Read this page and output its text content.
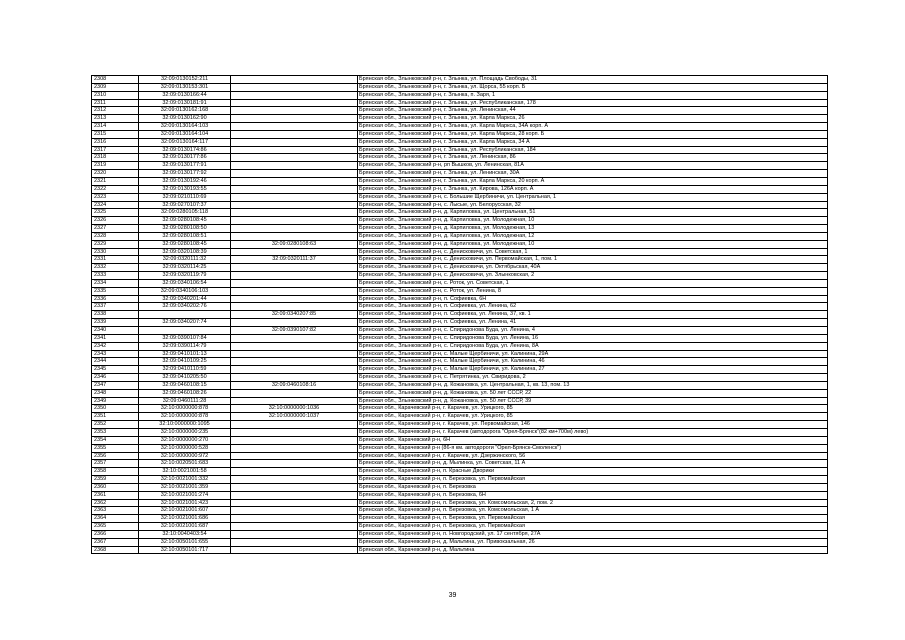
2308	32:09:0130152:211		Брянская обл., Злынковский р-н, г. Злынка, ул. Площадь Свободы, 31
2309	32:09:0130153:301		Брянская обл., Злынковский р-н, г. Злынка, ул. Щорса, 55 корп. Б
2310	32:09:0130166:44		Брянская обл., Злынковский р-н, г. Злынка, п. Заря, 1
2311	32:09:0130181:91		Брянская обл., Злынковский р-н, г. Злынка, ул. Республиканская, 178
2312	32:09:0130162:168		Брянская обл., Злынковский р-н, г. Злынка, ул. Ленинская, 44
2313	32:09:0130162:90		Брянская обл., Злынковский р-н, г. Злынка, ул. Карла Маркса, 26
2314	32:09:0130164:103		Брянская обл., Злынковский р-н, г. Злынка, ул. Карла Маркса, 34А корп. А
2315	32:09:0130164:104		Брянская обл., Злынковский р-н, г. Злынка, ул. Карла Маркса, 28 корп. Б
2316	32:09:0130164:117		Брянская обл., Злынковский р-н, г. Злынка, ул. Карла Маркса, 34 А
2317	32:09:0130174:86		Брянская обл., Злынковский р-н, г. Злынка, ул. Республиканская, 184
2318	32:09:0130177:86		Брянская обл., Злынковский р-н, г. Злынка, ул. Ленинская, 86
2319	32:09:0130177:91		Брянская обл., Злынковский р-н, рп Вышков, ул. Ленинская, 81А
2320	32:09:0130177:92		Брянская обл., Злынковский р-н, г. Злынка, ул. Ленинская, 30А
2321	32:09:0130192:46		Брянская обл., Злынковский р-н, г. Злынка, ул. Карла Маркса, 20 корп. А
2322	32:09:0130193:55		Брянская обл., Злынковский р-н, г. Злынка, ул. Кирова, 126А корп. А
2323	32:09:0210110:69		Брянская обл., Злынковский р-н, с. Большие Щербиничи, ул. Центральная, 1
2324	32:09:0270107:37		Брянская обл., Злынковский р-н, с. Лысые, ул. Белорусская, 32
2325	32:09:0280105:118		Брянская обл., Злынковский р-н, д. Карпиловка, ул. Центральная, 51
2326	32:09:0280108:45		Брянская обл., Злынковский р-н, д. Карпиловка, ул. Молодежная, 10
2327	32:09:0280108:50		Брянская обл., Злынковский р-н, д. Карпиловка, ул. Молодежная, 13
2328	32:09:0280108:51		Брянская обл., Злынковский р-н, д. Карпиловка, ул. Молодежная, 12
2329	32:09:0280108:45	32:09:0280108:63	Брянская обл., Злынковский р-н, д. Карпиловка, ул. Молодежная, 10
2330	32:09:0320108:39		Брянская обл., Злынковский р-н, с. Денисковичи, ул. Советская, 1
2331	32:09:0320111:32	32:09:0320111:37	Брянская обл., Злынковский р-н, с. Денисковичи, ул. Первомайская, 1, пом. 1
2332	32:09:0320114:25		Брянская обл., Злынковский р-н, с. Денисковичи, ул. Октябрьская, 40А
2333	32:09:0320119:79		Брянская обл., Злынковский р-н, с. Денисковичи, ул. Злынковская, 2
2334	32:09:0340106:54		Брянская обл., Злынковский р-н, с. Роток, ул. Советская, 1
2335	32:09:0340106:103		Брянская обл., Злынковский р-н, с. Роток, ул. Ленина, 8
2336	32:09:0340201:44		Брянская обл., Злынковский р-н, п. Софиевка, 6Н
2337	32:09:0340202:76		Брянская обл., Злынковский р-н, п. Софиевка, ул. Ленина, 62
2338		32:09:0340207:85	Брянская обл., Злынковский р-н, п. Софиевка, ул. Ленина, 37, кв. 1
2339	32:09:0340207:74		Брянская обл., Злынковский р-н, п. Софиевка, ул. Ленина, 41
2340		32:09:0390107:82	Брянская обл., Злынковский р-н, с. Спиридонова Буда, ул. Ленина, 4
2341	32:09:0390107:84		Брянская обл., Злынковский р-н, с. Спиридонова Буда, ул. Ленина, 16
2342	32:09:0390114:79		Брянская обл., Злынковский р-н, с. Спиридонова Буда, ул. Ленина, 8А
2343	32:09:0410101:13		Брянская обл., Злынковский р-н, с. Малые Щербиничи, ул. Калинина, 29А
2344	32:09:0410109:25		Брянская обл., Злынковский р-н, с. Малые Щербиничи, ул. Калинина, 46
2345	32:09:0410110:59		Брянская обл., Злынковский р-н, с. Малые Щербиничи, ул. Калинина, 27
2346	32:09:0410205:50		Брянская обл., Злынковский р-н, с. Петрятинка, ул. Свиридова, 2
2347	32:09:0460108:15	32:09:0460108:16	Брянская обл., Злынковский р-н, д. Кожановка, ул. Центральная, 1, кв. 13, пом. 13
2348	32:09:0460108:26		Брянская обл., Злынковский р-н, д. Кожановка, ул. 50 лет СССР, 22
2349	32:09:0460111:28		Брянская обл., Злынковский р-н, д. Кожановка, ул. 50 лет СССР, 39
2350	32:10:0000000:878	32:10:0000000:1036	Брянская обл., Карачевский р-н, г. Карачев, ул. Урицкого, 85
2351	32:10:0000000:878	32:10:0000000:1037	Брянская обл., Карачевский р-н, г. Карачев, ул. Урицкого, 85
2352	32:10:0000000:1095		Брянская обл., Карачевский р-н, г. Карачев, ул. Первомайская, 146
2353	32:10:0000000:235		Брянская обл., Карачевский р-н, г. Карачев (автодорога "Орел-Брянск"(82 км+700м) лево)
2354	32:10:0000000:270		Брянская обл., Карачевский р-н, 6Н
2355	32:10:0000000:528		Брянская обл., Карачевский р-н (86-я км. автодороги "Орел-Брянск-Смоленск")
2356	32:10:0000000:972		Брянская обл., Карачевский р-н, г. Карачев, ул. Дзержинского, 56
2357	32:10:0020501:683		Брянская обл., Карачевский р-н, д. Мылинка, ул. Советская, 11 А
2358	32:10:0021001:58		Брянская обл., Карачевский р-н, п. Красные Дворики
2359	32:10:0021001:332		Брянская обл., Карачевский р-н, п. Березовка, ул. Первомайская
2360	32:10:0021001:359		Брянская обл., Карачевский р-н, п. Березовка
2361	32:10:0021001:274		Брянская обл., Карачевский р-н, п. Березовка, 6Н
2362	32:10:0021001:423		Брянская обл., Карачевский р-н, п. Березовка, ул. Комсомольская, 2, пом. 2
2363	32:10:0021001:607		Брянская обл., Карачевский р-н, п. Березовка, ул. Комсомольская, 1 А
2364	32:10:0021001:686		Брянская обл., Карачевский р-н, п. Березовка, ул. Первомайская
2365	32:10:0021001:687		Брянская обл., Карачевский р-н, п. Березовка, ул. Первомайская
2366	32:10:0040403:54		Брянская обл., Карачевский р-н, п. Новгородский, ул. 17 сентября, 27А
2367	32:10:0050101:655		Брянская обл., Карачевский р-н, д. Мальтина, ул. Привокзальная, 26
2368	32:10:0050101:717		Брянская обл., Карачевский р-н, д. Мальтина
39
